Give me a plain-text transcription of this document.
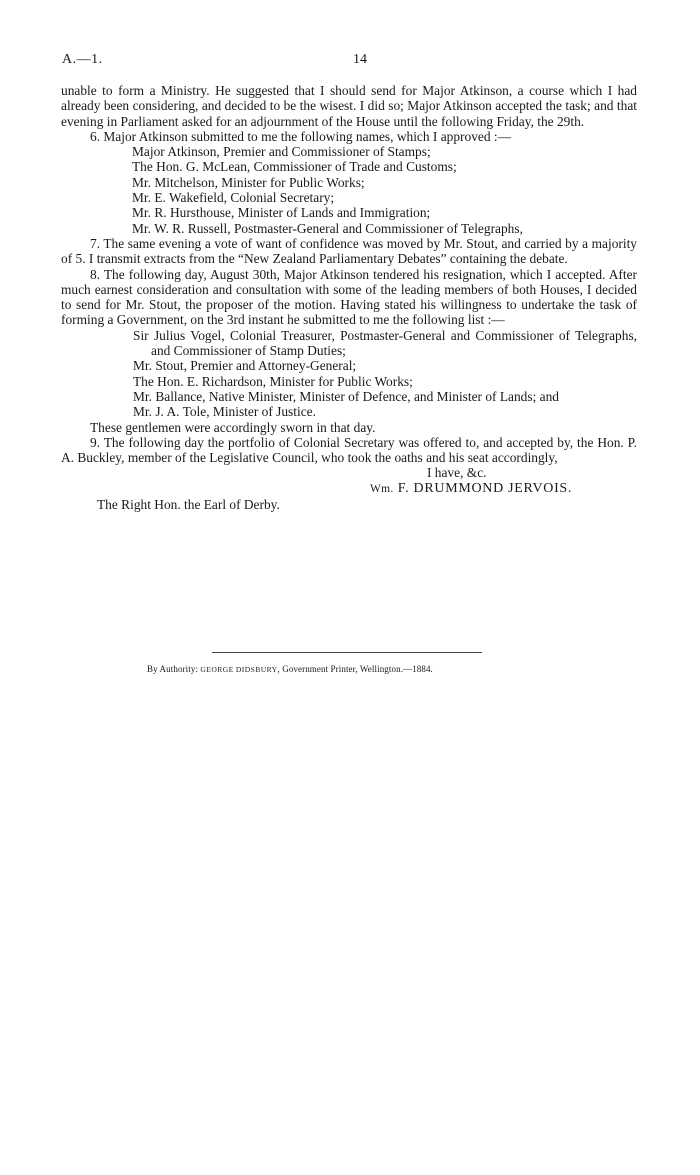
A.—1.	14

unable to form a Ministry. He suggested that I should send for Major Atkinson, a course which I had already been considering, and decided to be the wisest. I did so; Major Atkinson accepted the task; and that evening in Parliament asked for an adjournment of the House until the following Friday, the 29th.

6. Major Atkinson submitted to me the following names, which I approved :—

Major Atkinson, Premier and Commissioner of Stamps;
The Hon. G. McLean, Commissioner of Trade and Customs;
Mr. Mitchelson, Minister for Public Works;
Mr. E. Wakefield, Colonial Secretary;
Mr. R. Hursthouse, Minister of Lands and Immigration;
Mr. W. R. Russell, Postmaster-General and Commissioner of Telegraphs,

7. The same evening a vote of want of confidence was moved by Mr. Stout, and carried by a majority of 5. I transmit extracts from the “New Zealand Parliamentary Debates” containing the debate.

8. The following day, August 30th, Major Atkinson tendered his resignation, which I accepted. After much earnest consideration and consultation with some of the leading members of both Houses, I decided to send for Mr. Stout, the proposer of the motion. Having stated his willingness to undertake the task of forming a Government, on the 3rd instant he submitted to me the following list :—

Sir Julius Vogel, Colonial Treasurer, Postmaster-General and Commissioner of Telegraphs, and Commissioner of Stamp Duties;
Mr. Stout, Premier and Attorney-General;
The Hon. E. Richardson, Minister for Public Works;
Mr. Ballance, Native Minister, Minister of Defence, and Minister of Lands; and
Mr. J. A. Tole, Minister of Justice.

These gentlemen were accordingly sworn in that day.

9. The following day the portfolio of Colonial Secretary was offered to, and accepted by, the Hon. P. A. Buckley, member of the Legislative Council, who took the oaths and his seat accordingly,

I have, &c.
Wm. F. DRUMMOND JERVOIS.

The Right Hon. the Earl of Derby.

By Authority: GEORGE DIDSBURY, Government Printer, Wellington.—1884.
